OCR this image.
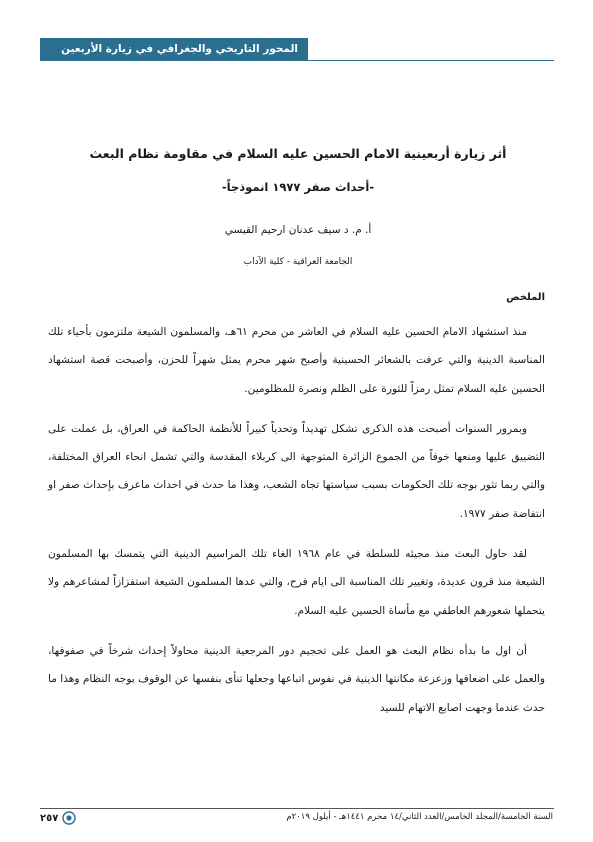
المحور التاريخي والجغرافي في زيارة الأربعين
أثر زيارة أربعينية الامام الحسين عليه السلام في مقاومة نظام البعث
-أحداث صفر ١٩٧٧ انموذجاً-
أ. م. د سيف عدنان ارحيم القيسي
الجامعة العراقية - كلية الآداب
الملخص

منذ استشهاد الامام الحسين عليه السلام في العاشر من محرم ٦١هـ، والمسلمون الشيعة ملتزمون بأحياء تلك المناسبة الدينية والتي عرفت بالشعائر الحسينية وأصبح شهر محرم يمثل شهراً للحزن، وأصبحت قصة استشهاد الحسين عليه السلام تمثل رمزاً للثورة على الظلم ونصرة للمظلومين.

وبمرور السنوات أصبحت هذه الذكرى تشكل تهديداً وتحدياً كبيراً للأنظمة الحاكمة في العراق، بل عملت على التضييق عليها ومنعها خوفاً من الجموع الزائرة المتوجهة الى كربلاء المقدسة والتي تشمل انحاء العراق المختلفة، والتي ربما تثور بوجه تلك الحكومات بسبب سياستها تجاه الشعب، وهذا ما حدث في احداث ماعرف بإحداث صفر او انتفاضة صفر ١٩٧٧.

لقد حاول البعث منذ مجيئه للسلطة في عام ١٩٦٨ الغاء تلك المراسيم الدينية التي يتمسك بها المسلمون الشيعة منذ قرون عديدة، وتغيير تلك المناسبة الى ايام فرح، والتي عدها المسلمون الشيعة استفزازاً لمشاعرهم ولا يتحملها شعورهم العاطفي مع مأساة الحسين عليه السلام.

أن اول ما بدأه نظام البعث هو العمل على تحجيم دور المرجعية الدينية محاولاً إحداث شرخاً في صفوفها، والعمل على اضعافها وزعزعة مكانتها الدينية في نفوس اتباعها وجعلها تنأى بنفسها عن الوقوف بوجه النظام وهذا ما حدث عندما وجهت اصابع الاتهام للسيد

السنة الخامسة/المجلد الخامس/العدد الثاني/١٤ محرم ١٤٤١هـ - أيلول ٢٠١٩م
٢٥٧
